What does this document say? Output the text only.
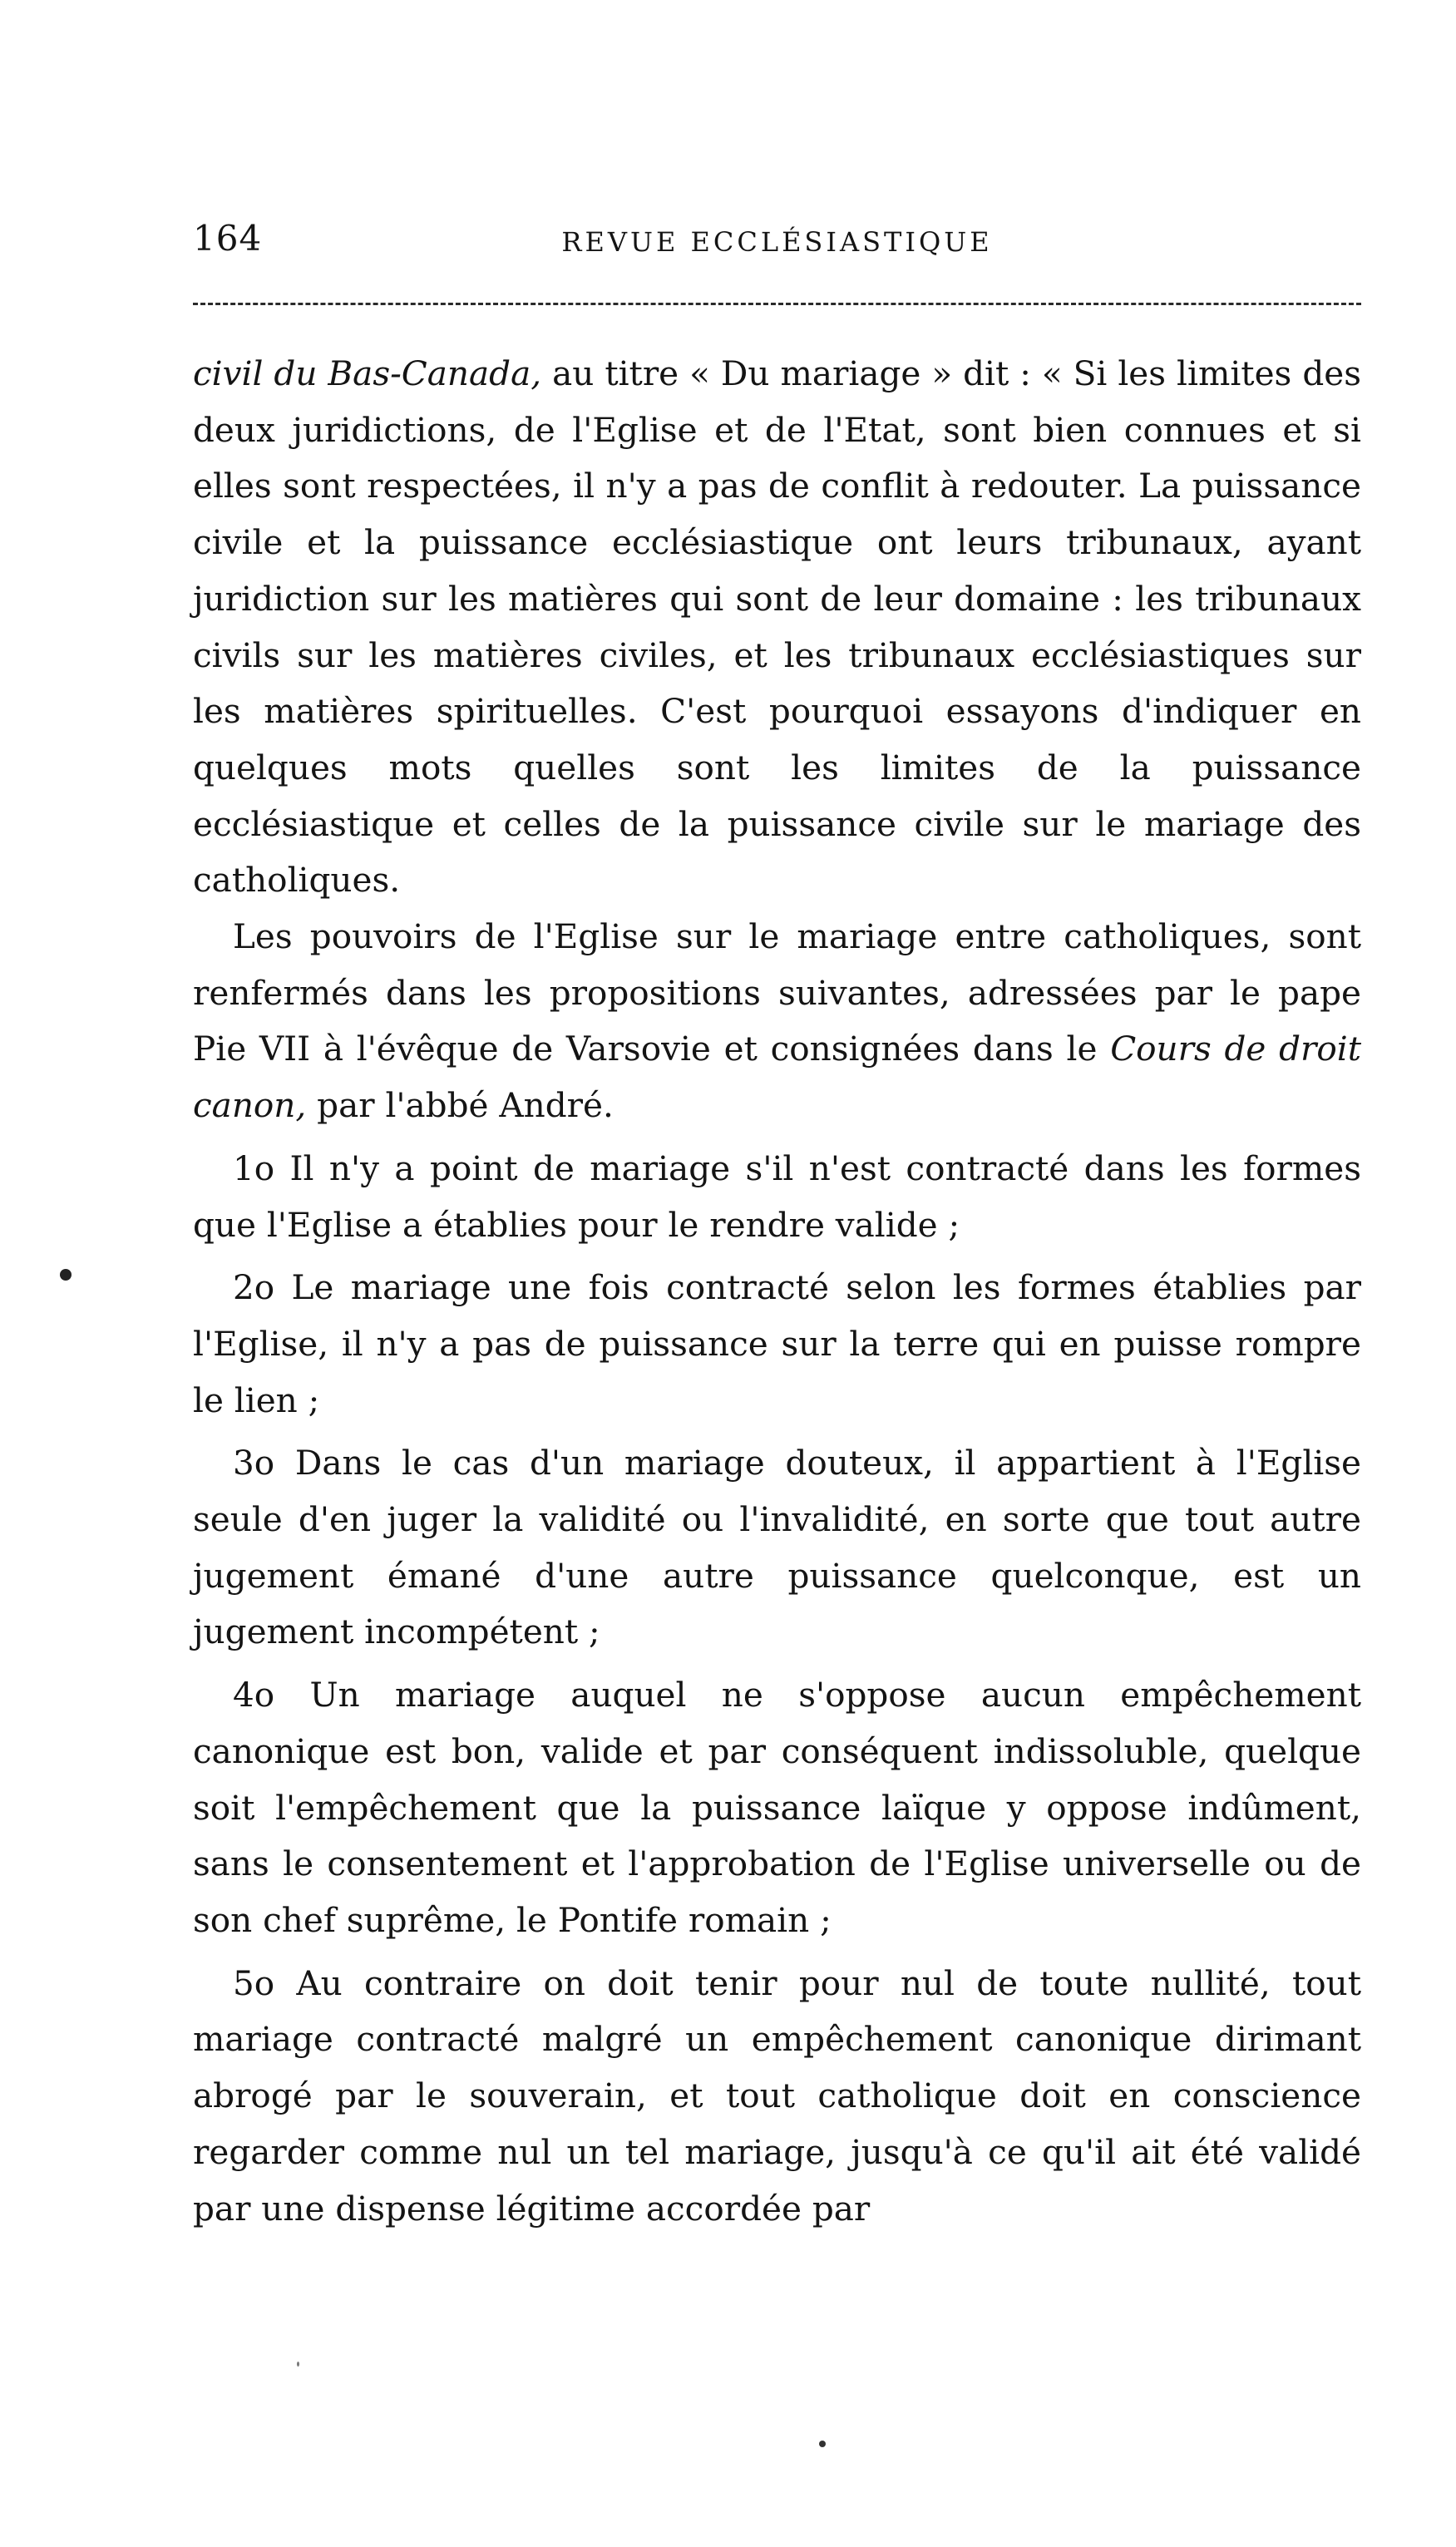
164	REVUE ECCLÉSIASTIQUE

civil du Bas-Canada, au titre « Du mariage » dit : « Si les limites des deux juridictions, de l'Eglise et de l'Etat, sont bien connues et si elles sont respectées, il n'y a pas de conflit à redouter. La puissance civile et la puissance ecclésiastique ont leurs tribunaux, ayant juridiction sur les matières qui sont de leur domaine : les tribunaux civils sur les matières civiles, et les tribunaux ecclésiastiques sur les matières spirituelles. C'est pourquoi essayons d'indiquer en quelques mots quelles sont les limites de la puissance ecclésiastique et celles de la puissance civile sur le mariage des catholiques.

Les pouvoirs de l'Eglise sur le mariage entre catholiques, sont renfermés dans les propositions suivantes, adressées par le pape Pie VII à l'évêque de Varsovie et consignées dans le Cours de droit canon, par l'abbé André.

1o Il n'y a point de mariage s'il n'est contracté dans les formes que l'Eglise a établies pour le rendre valide ;

2o Le mariage une fois contracté selon les formes établies par l'Eglise, il n'y a pas de puissance sur la terre qui en puisse rompre le lien ;

3o Dans le cas d'un mariage douteux, il appartient à l'Eglise seule d'en juger la validité ou l'invalidité, en sorte que tout autre jugement émané d'une autre puissance quelconque, est un jugement incompétent ;

4o Un mariage auquel ne s'oppose aucun empêchement canonique est bon, valide et par conséquent indissoluble, quelque soit l'empêchement que la puissance laïque y oppose indûment, sans le consentement et l'approbation de l'Eglise universelle ou de son chef suprême, le Pontife romain ;

5o Au contraire on doit tenir pour nul de toute nullité, tout mariage contracté malgré un empêchement canonique dirimant abrogé par le souverain, et tout catholique doit en conscience regarder comme nul un tel mariage, jusqu'à ce qu'il ait été validé par une dispense légitime accordée par
